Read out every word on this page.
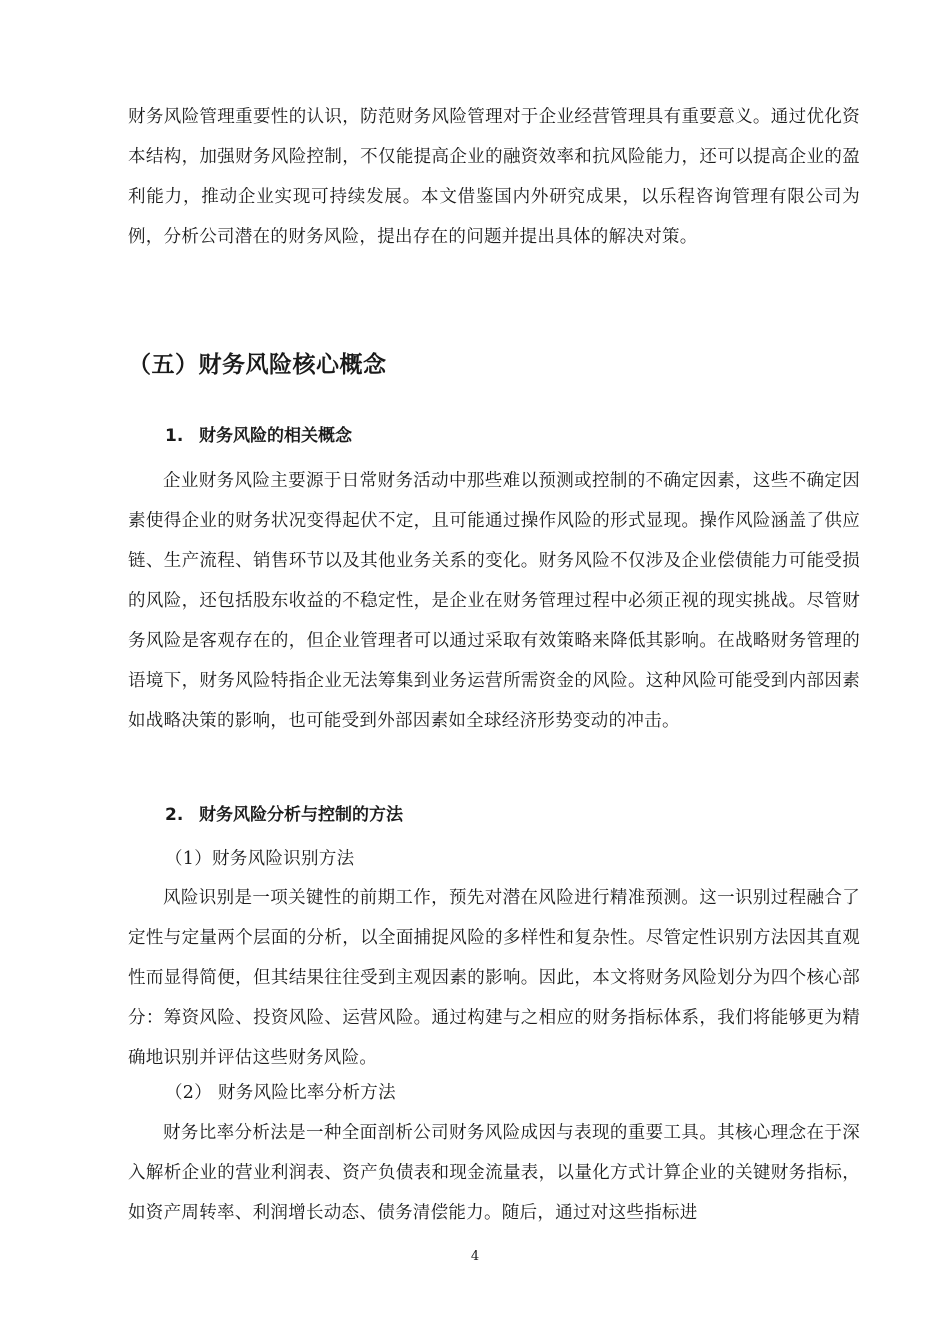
财务风险管理重要性的认识，防范财务风险管理对于企业经营管理具有重要意义。通过优化资本结构，加强财务风险控制，不仅能提高企业的融资效率和抗风险能力，还可以提高企业的盈利能力，推动企业实现可持续发展。本文借鉴国内外研究成果，以乐程咨询管理有限公司为例，分析公司潜在的财务风险，提出存在的问题并提出具体的解决对策。

（五）财务风险核心概念
1. 财务风险的相关概念

企业财务风险主要源于日常财务活动中那些难以预测或控制的不确定因素，这些不确定因素使得企业的财务状况变得起伏不定，且可能通过操作风险的形式显现。操作风险涵盖了供应链、生产流程、销售环节以及其他业务关系的变化。财务风险不仅涉及企业偿债能力可能受损的风险，还包括股东收益的不稳定性，是企业在财务管理过程中必须正视的现实挑战。尽管财务风险是客观存在的，但企业管理者可以通过采取有效策略来降低其影响。在战略财务管理的语境下，财务风险特指企业无法筹集到业务运营所需资金的风险。这种风险可能受到内部因素如战略决策的影响，也可能受到外部因素如全球经济形势变动的冲击。

2. 财务风险分析与控制的方法

（1）财务风险识别方法

风险识别是一项关键性的前期工作，预先对潜在风险进行精准预测。这一识别过程融合了定性与定量两个层面的分析，以全面捕捉风险的多样性和复杂性。尽管定性识别方法因其直观性而显得简便，但其结果往往受到主观因素的影响。因此，本文将财务风险划分为四个核心部分：筹资风险、投资风险、运营风险。通过构建与之相应的财务指标体系，我们将能够更为精确地识别并评估这些财务风险。

（2） 财务风险比率分析方法

财务比率分析法是一种全面剖析公司财务风险成因与表现的重要工具。其核心理念在于深入解析企业的营业利润表、资产负债表和现金流量表，以量化方式计算企业的关键财务指标，如资产周转率、利润增长动态、债务清偿能力。随后，通过对这些指标进

4
